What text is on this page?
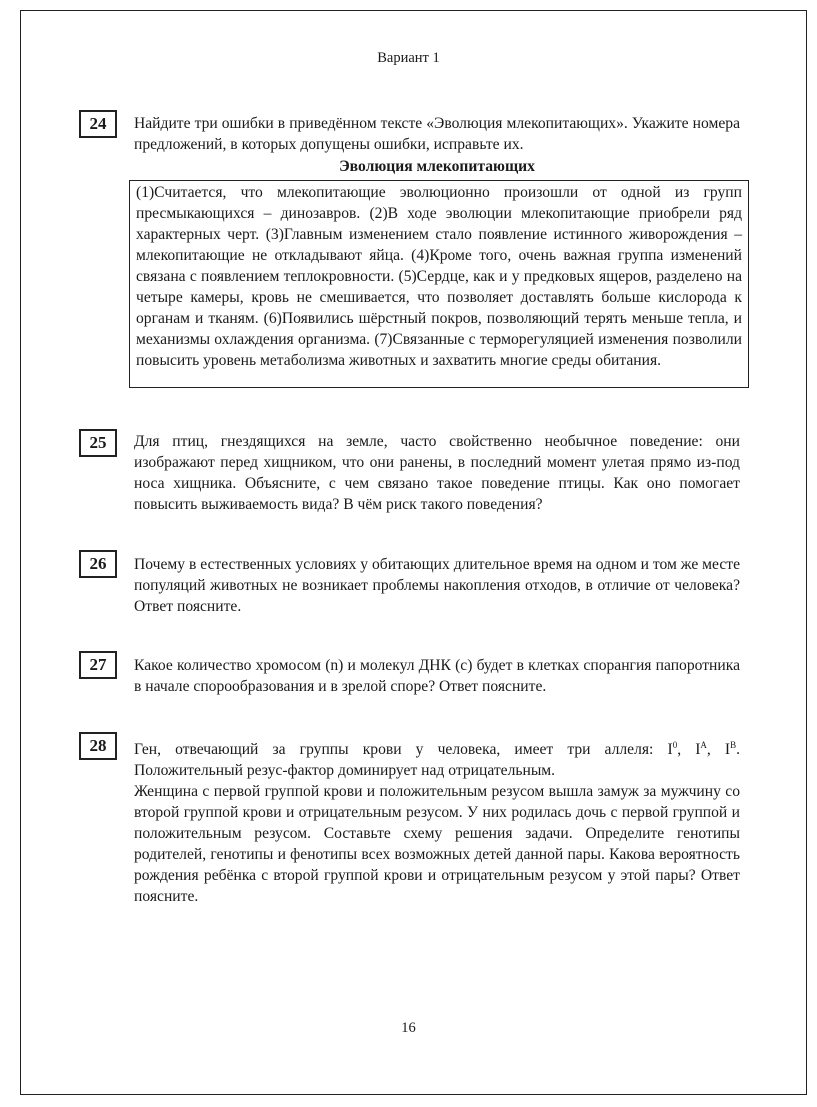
Вариант 1
24	Найдите три ошибки в приведённом тексте «Эволюция млекопитающих». Укажите номера предложений, в которых допущены ошибки, исправьте их.

Эволюция млекопитающих
(1)Считается, что млекопитающие эволюционно произошли от одной из групп пресмыкающихся – динозавров. (2)В ходе эволюции млекопитающие приобрели ряд характерных черт. (3)Главным изменением стало появление истинного живорождения – млекопитающие не откладывают яйца. (4)Кроме того, очень важная группа изменений связана с появлением теплокровности. (5)Сердце, как и у предковых ящеров, разделено на четыре камеры, кровь не смешивается, что позволяет доставлять больше кислорода к органам и тканям. (6)Появились шёрстный покров, позволяющий терять меньше тепла, и механизмы охлаждения организма. (7)Связанные с терморегуляцией изменения позволили повысить уровень метаболизма животных и захватить многие среды обитания.
25	Для птиц, гнездящихся на земле, часто свойственно необычное поведение: они изображают перед хищником, что они ранены, в последний момент улетая прямо из-под носа хищника. Объясните, с чем связано такое поведение птицы. Как оно помогает повысить выживаемость вида? В чём риск такого поведения?

26	Почему в естественных условиях у обитающих длительное время на одном и том же месте популяций животных не возникает проблемы накопления отходов, в отличие от человека? Ответ поясните.

27	Какое количество хромосом (n) и молекул ДНК (c) будет в клетках спорангия папоротника в начале спорообразования и в зрелой споре? Ответ поясните.

28	Ген, отвечающий за группы крови у человека, имеет три аллеля: $I^0$, $I^A$, $I^B$.

Положительный резус-фактор доминирует над отрицательным.

Женщина с первой группой крови и положительным резусом вышла замуж за мужчину со второй группой крови и отрицательным резусом. У них родилась дочь с первой группой и положительным резусом. Составьте схему решения задачи. Определите генотипы родителей, генотипы и фенотипы всех возможных детей данной пары. Какова вероятность рождения ребёнка с второй группой крови и отрицательным резусом у этой пары? Ответ поясните.

16
